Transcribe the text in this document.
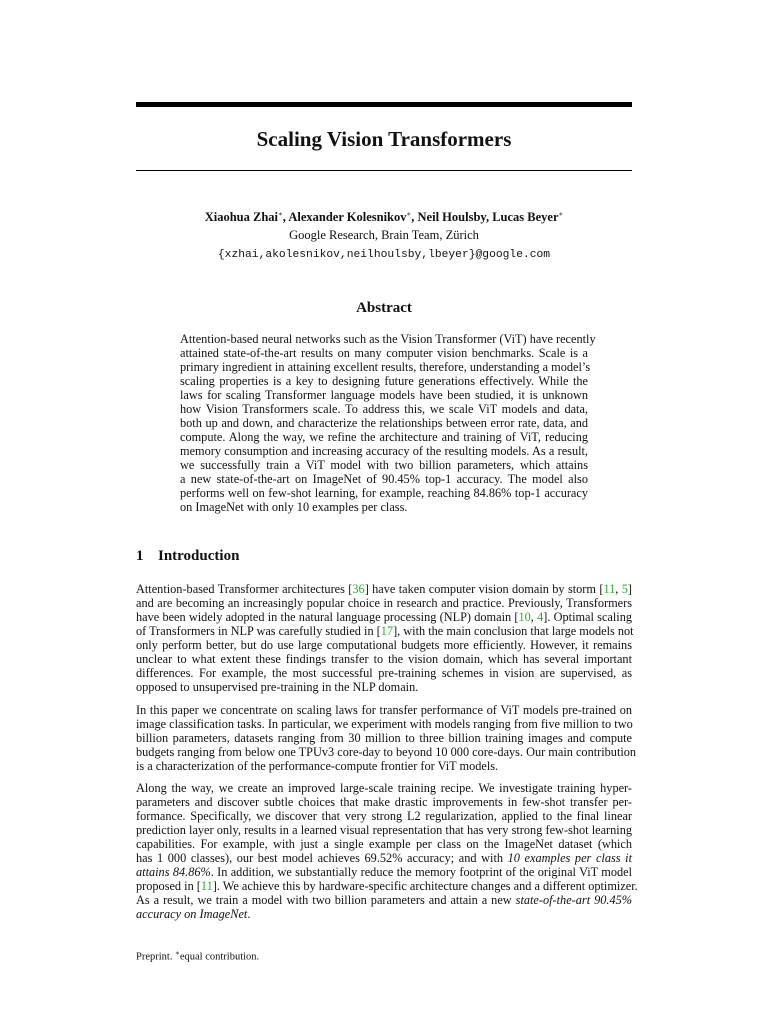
Scaling Vision Transformers
Xiaohua Zhai∗, Alexander Kolesnikov∗, Neil Houlsby, Lucas Beyer∗
Google Research, Brain Team, Zürich
{xzhai,akolesnikov,neilhoulsby,lbeyer}@google.com
Abstract
Attention-based neural networks such as the Vision Transformer (ViT) have recently
attained state-of-the-art results on many computer vision benchmarks. Scale is a
primary ingredient in attaining excellent results, therefore, understanding a model’s
scaling properties is a key to designing future generations effectively. While the
laws for scaling Transformer language models have been studied, it is unknown
how Vision Transformers scale. To address this, we scale ViT models and data,
both up and down, and characterize the relationships between error rate, data, and
compute. Along the way, we refine the architecture and training of ViT, reducing
memory consumption and increasing accuracy of the resulting models. As a result,
we successfully train a ViT model with two billion parameters, which attains
a new state-of-the-art on ImageNet of 90.45% top-1 accuracy. The model also
performs well on few-shot learning, for example, reaching 84.86% top-1 accuracy
on ImageNet with only 10 examples per class.
1 Introduction
Attention-based Transformer architectures [36] have taken computer vision domain by storm [11, 5]
and are becoming an increasingly popular choice in research and practice. Previously, Transformers
have been widely adopted in the natural language processing (NLP) domain [10, 4]. Optimal scaling
of Transformers in NLP was carefully studied in [17], with the main conclusion that large models not
only perform better, but do use large computational budgets more efficiently. However, it remains
unclear to what extent these findings transfer to the vision domain, which has several important
differences. For example, the most successful pre-training schemes in vision are supervised, as
opposed to unsupervised pre-training in the NLP domain.
In this paper we concentrate on scaling laws for transfer performance of ViT models pre-trained on
image classification tasks. In particular, we experiment with models ranging from five million to two
billion parameters, datasets ranging from 30 million to three billion training images and compute
budgets ranging from below one TPUv3 core-day to beyond 10 000 core-days. Our main contribution
is a characterization of the performance-compute frontier for ViT models.
Along the way, we create an improved large-scale training recipe. We investigate training hyper-
parameters and discover subtle choices that make drastic improvements in few-shot transfer per-
formance. Specifically, we discover that very strong L2 regularization, applied to the final linear
prediction layer only, results in a learned visual representation that has very strong few-shot learning
capabilities. For example, with just a single example per class on the ImageNet dataset (which
has 1 000 classes), our best model achieves 69.52% accuracy; and with 10 examples per class it
attains 84.86%. In addition, we substantially reduce the memory footprint of the original ViT model
proposed in [11]. We achieve this by hardware-specific architecture changes and a different optimizer.
As a result, we train a model with two billion parameters and attain a new state-of-the-art 90.45%
accuracy on ImageNet.
Preprint. ∗equal contribution.
